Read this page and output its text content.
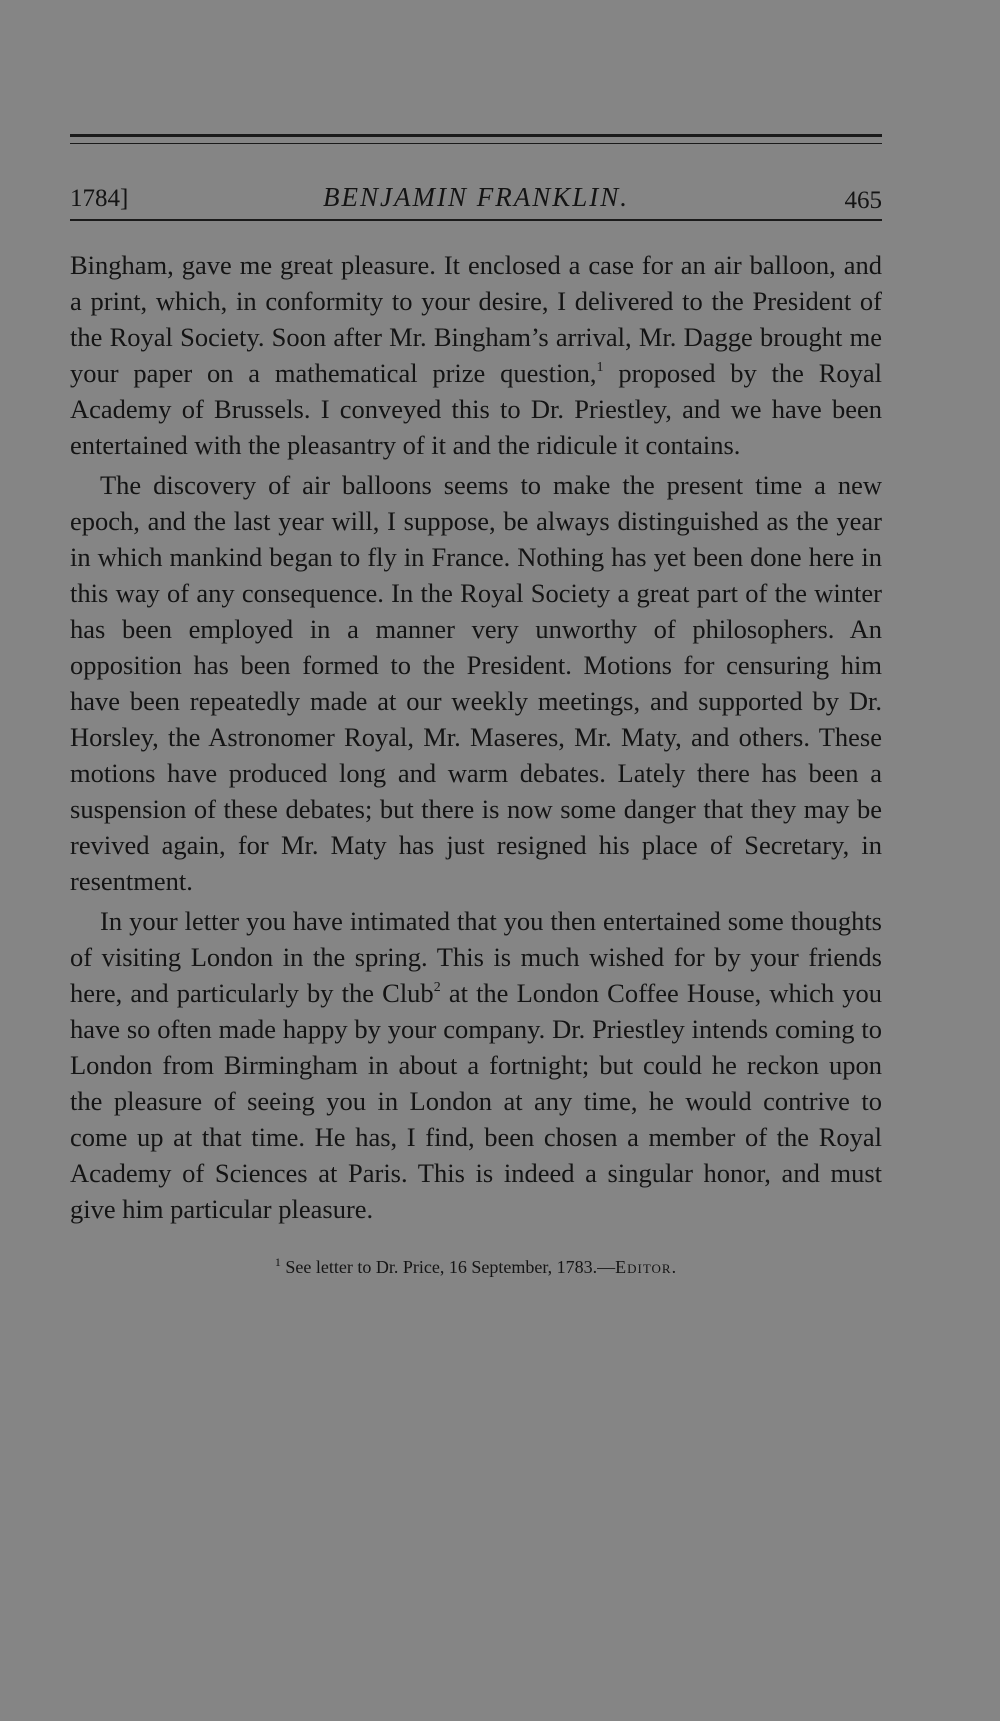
1784]	BENJAMIN FRANKLIN.	465

Bingham, gave me great pleasure. It enclosed a case for an air balloon, and a print, which, in conformity to your desire, I delivered to the President of the Royal Society. Soon after Mr. Bingham’s arrival, Mr. Dagge brought me your paper on a mathematical prize question,$^1$ proposed by the Royal Academy of Brussels. I conveyed this to Dr. Priestley, and we have been entertained with the pleasantry of it and the ridicule it contains.

The discovery of air balloons seems to make the present time a new epoch, and the last year will, I suppose, be always distinguished as the year in which mankind began to fly in France. Nothing has yet been done here in this way of any consequence. In the Royal Society a great part of the winter has been employed in a manner very unworthy of philosophers. An opposition has been formed to the President. Motions for censuring him have been repeatedly made at our weekly meetings, and supported by Dr. Horsley, the Astronomer Royal, Mr. Maseres, Mr. Maty, and others. These motions have produced long and warm debates. Lately there has been a suspension of these debates; but there is now some danger that they may be revived again, for Mr. Maty has just resigned his place of Secretary, in resentment.

In your letter you have intimated that you then entertained some thoughts of visiting London in the spring. This is much wished for by your friends here, and particularly by the Club$^2$ at the London Coffee House, which you have so often made happy by your company. Dr. Priestley intends coming to London from Birmingham in about a fortnight; but could he reckon upon the pleasure of seeing you in London at any time, he would contrive to come up at that time. He has, I find, been chosen a member of the Royal Academy of Sciences at Paris. This is indeed a singular honor, and must give him particular pleasure.

$^1$ See letter to Dr. Price, 16 September, 1783.—Editor.
